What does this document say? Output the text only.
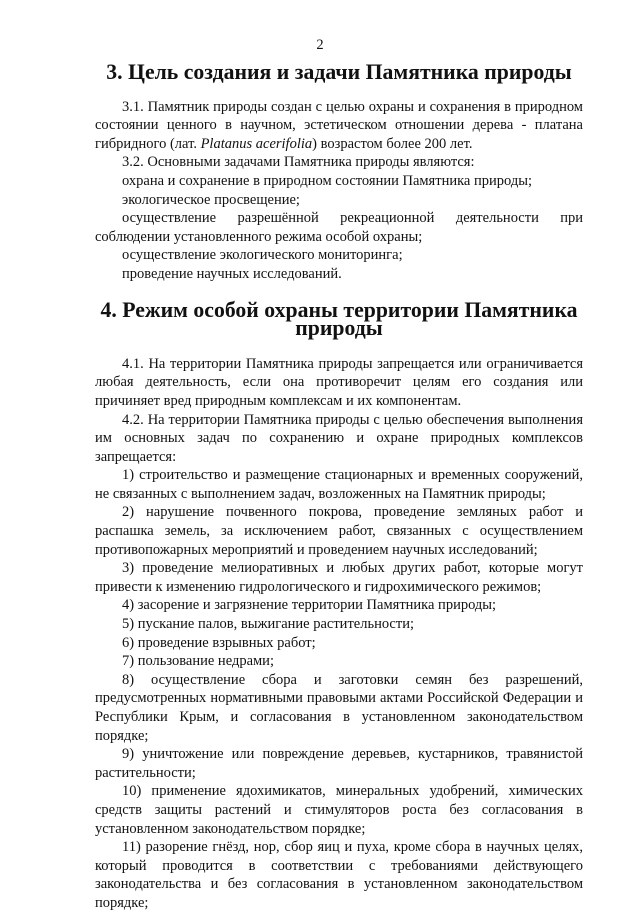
2
3. Цель создания и задачи Памятника природы

3.1. Памятник природы создан с целью охраны и сохранения в природном состоянии ценного в научном, эстетическом отношении дерева - платана гибридного (лат. Platanus acerifolia) возрастом более 200 лет.

3.2. Основными задачами Памятника природы являются:

охрана и сохранение в природном состоянии Памятника природы;

экологическое просвещение;

осуществление разрешённой рекреационной деятельности при соблюдении установленного режима особой охраны;

осуществление экологического мониторинга;

проведение научных исследований.

4. Режим особой охраны территории Памятника природы

4.1. На территории Памятника природы запрещается или ограничивается любая деятельность, если она противоречит целям его создания или причиняет вред природным комплексам и их компонентам.

4.2. На территории Памятника природы с целью обеспечения выполнения им основных задач по сохранению и охране природных комплексов запрещается:

1) строительство и размещение стационарных и временных сооружений, не связанных с выполнением задач, возложенных на Памятник природы;

2) нарушение почвенного покрова, проведение земляных работ и распашка земель, за исключением работ, связанных с осуществлением противопожарных мероприятий и проведением научных исследований;

3) проведение мелиоративных и любых других работ, которые могут привести к изменению гидрологического и гидрохимического режимов;

4) засорение и загрязнение территории Памятника природы;

5) пускание палов, выжигание растительности;

6) проведение взрывных работ;

7) пользование недрами;

8) осуществление сбора и заготовки семян без разрешений, предусмотренных нормативными правовыми актами Российской Федерации и Республики Крым, и согласования в установленном законодательством порядке;

9) уничтожение или повреждение деревьев, кустарников, травянистой растительности;

10) применение ядохимикатов, минеральных удобрений, химических средств защиты растений и стимуляторов роста без согласования в установленном законодательством порядке;

11) разорение гнёзд, нор, сбор яиц и пуха, кроме сбора в научных целях, который проводится в соответствии с требованиями действующего законодательства и без согласования в установленном законодательством порядке;
